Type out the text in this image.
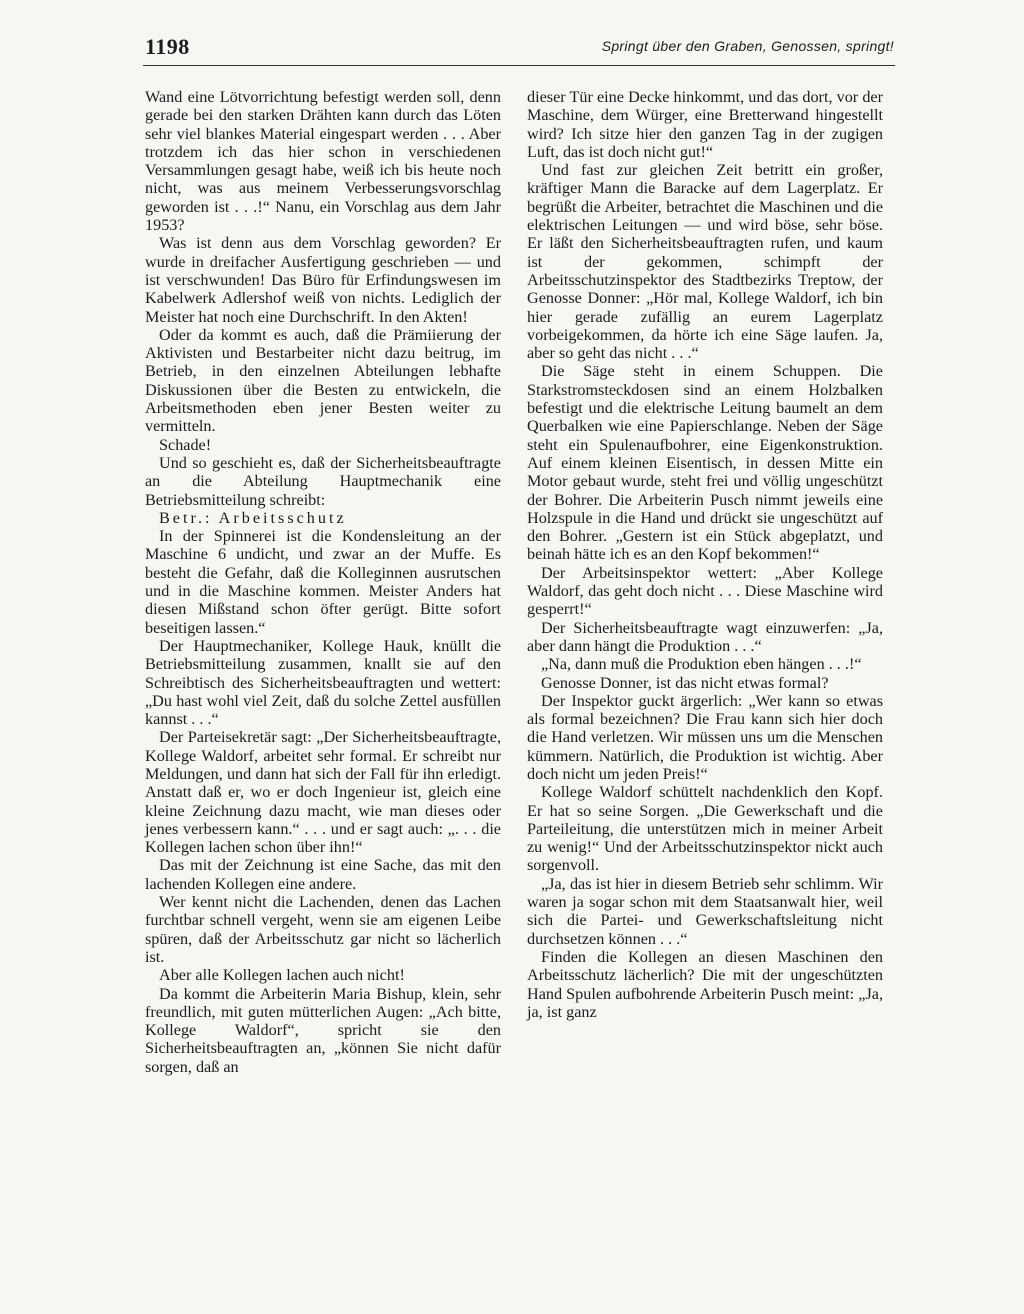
1198	Springt über den Graben, Genossen, springt!

Wand eine Lötvorrichtung befestigt werden soll, denn gerade bei den starken Drähten kann durch das Löten sehr viel blankes Material eingespart werden . . . Aber trotzdem ich das hier schon in verschiedenen Versammlungen gesagt habe, weiß ich bis heute noch nicht, was aus meinem Verbesserungsvorschlag geworden ist . . .!“ Nanu, ein Vorschlag aus dem Jahr 1953?

Was ist denn aus dem Vorschlag geworden? Er wurde in dreifacher Ausfertigung geschrieben — und ist verschwunden! Das Büro für Erfindungswesen im Kabelwerk Adlershof weiß von nichts. Lediglich der Meister hat noch eine Durchschrift. In den Akten!

Oder da kommt es auch, daß die Prämiierung der Aktivisten und Bestarbeiter nicht dazu beitrug, im Betrieb, in den einzelnen Abteilungen lebhafte Diskussionen über die Besten zu entwickeln, die Arbeitsmethoden eben jener Besten weiter zu vermitteln.

Schade!

Und so geschieht es, daß der Sicherheitsbeauftragte an die Abteilung Hauptmechanik eine Betriebsmitteilung schreibt:

Betr.: Arbeitsschutz

In der Spinnerei ist die Kondensleitung an der Maschine 6 undicht, und zwar an der Muffe. Es besteht die Gefahr, daß die Kolleginnen ausrutschen und in die Maschine kommen. Meister Anders hat diesen Mißstand schon öfter gerügt. Bitte sofort beseitigen lassen.“

Der Hauptmechaniker, Kollege Hauk, knüllt die Betriebsmitteilung zusammen, knallt sie auf den Schreibtisch des Sicherheitsbeauftragten und wettert: „Du hast wohl viel Zeit, daß du solche Zettel ausfüllen kannst . . .“

Der Parteisekretär sagt: „Der Sicherheitsbeauftragte, Kollege Waldorf, arbeitet sehr formal. Er schreibt nur Meldungen, und dann hat sich der Fall für ihn erledigt. Anstatt daß er, wo er doch Ingenieur ist, gleich eine kleine Zeichnung dazu macht, wie man dieses oder jenes verbessern kann.“ . . . und er sagt auch: „. . . die Kollegen lachen schon über ihn!“

Das mit der Zeichnung ist eine Sache, das mit den lachenden Kollegen eine andere.

Wer kennt nicht die Lachenden, denen das Lachen furchtbar schnell vergeht, wenn sie am eigenen Leibe spüren, daß der Arbeitsschutz gar nicht so lächerlich ist.

Aber alle Kollegen lachen auch nicht!

Da kommt die Arbeiterin Maria Bishup, klein, sehr freundlich, mit guten mütterlichen Augen: „Ach bitte, Kollege Waldorf“, spricht sie den Sicherheitsbeauftragten an, „können Sie nicht dafür sorgen, daß an

dieser Tür eine Decke hinkommt, und das dort, vor der Maschine, dem Würger, eine Bretterwand hingestellt wird? Ich sitze hier den ganzen Tag in der zugigen Luft, das ist doch nicht gut!“

Und fast zur gleichen Zeit betritt ein großer, kräftiger Mann die Baracke auf dem Lagerplatz. Er begrüßt die Arbeiter, betrachtet die Maschinen und die elektrischen Leitungen — und wird böse, sehr böse. Er läßt den Sicherheitsbeauftragten rufen, und kaum ist der gekommen, schimpft der Arbeitsschutzinspektor des Stadtbezirks Treptow, der Genosse Donner: „Hör mal, Kollege Waldorf, ich bin hier gerade zufällig an eurem Lagerplatz vorbeigekommen, da hörte ich eine Säge laufen. Ja, aber so geht das nicht . . .“

Die Säge steht in einem Schuppen. Die Starkstromsteckdosen sind an einem Holzbalken befestigt und die elektrische Leitung baumelt an dem Querbalken wie eine Papierschlange. Neben der Säge steht ein Spulenaufbohrer, eine Eigenkonstruktion. Auf einem kleinen Eisentisch, in dessen Mitte ein Motor gebaut wurde, steht frei und völlig ungeschützt der Bohrer. Die Arbeiterin Pusch nimmt jeweils eine Holzspule in die Hand und drückt sie ungeschützt auf den Bohrer. „Gestern ist ein Stück abgeplatzt, und beinah hätte ich es an den Kopf bekommen!“

Der Arbeitsinspektor wettert: „Aber Kollege Waldorf, das geht doch nicht . . . Diese Maschine wird gesperrt!“

Der Sicherheitsbeauftragte wagt einzuwerfen: „Ja, aber dann hängt die Produktion . . .“

„Na, dann muß die Produktion eben hängen . . .!“

Genosse Donner, ist das nicht etwas formal?

Der Inspektor guckt ärgerlich: „Wer kann so etwas als formal bezeichnen? Die Frau kann sich hier doch die Hand verletzen. Wir müssen uns um die Menschen kümmern. Natürlich, die Produktion ist wichtig. Aber doch nicht um jeden Preis!“

Kollege Waldorf schüttelt nachdenklich den Kopf. Er hat so seine Sorgen. „Die Gewerkschaft und die Parteileitung, die unterstützen mich in meiner Arbeit zu wenig!“ Und der Arbeitsschutzinspektor nickt auch sorgenvoll.

„Ja, das ist hier in diesem Betrieb sehr schlimm. Wir waren ja sogar schon mit dem Staatsanwalt hier, weil sich die Partei- und Gewerkschaftsleitung nicht durchsetzen können . . .“

Finden die Kollegen an diesen Maschinen den Arbeitsschutz lächerlich? Die mit der ungeschützten Hand Spulen aufbohrende Arbeiterin Pusch meint: „Ja, ja, ist ganz
